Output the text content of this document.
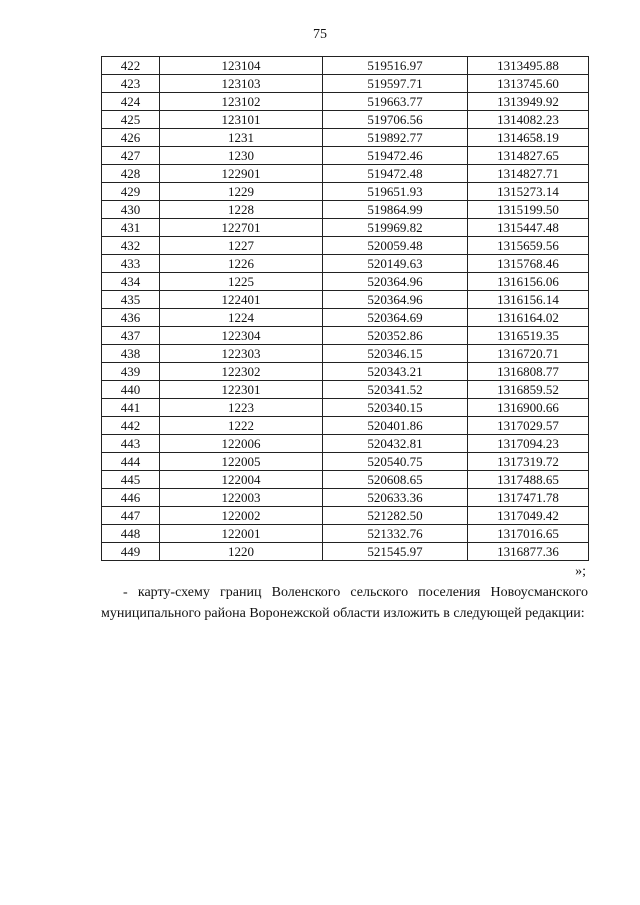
75
422	123104	519516.97	1313495.88
423	123103	519597.71	1313745.60
424	123102	519663.77	1313949.92
425	123101	519706.56	1314082.23
426	1231	519892.77	1314658.19
427	1230	519472.46	1314827.65
428	122901	519472.48	1314827.71
429	1229	519651.93	1315273.14
430	1228	519864.99	1315199.50
431	122701	519969.82	1315447.48
432	1227	520059.48	1315659.56
433	1226	520149.63	1315768.46
434	1225	520364.96	1316156.06
435	122401	520364.96	1316156.14
436	1224	520364.69	1316164.02
437	122304	520352.86	1316519.35
438	122303	520346.15	1316720.71
439	122302	520343.21	1316808.77
440	122301	520341.52	1316859.52
441	1223	520340.15	1316900.66
442	1222	520401.86	1317029.57
443	122006	520432.81	1317094.23
444	122005	520540.75	1317319.72
445	122004	520608.65	1317488.65
446	122003	520633.36	1317471.78
447	122002	521282.50	1317049.42
448	122001	521332.76	1317016.65
449	1220	521545.97	1316877.36
»;

- карту-схему границ Воленского сельского поселения Новоусманского муниципального района Воронежской области изложить в следующей редакции:
